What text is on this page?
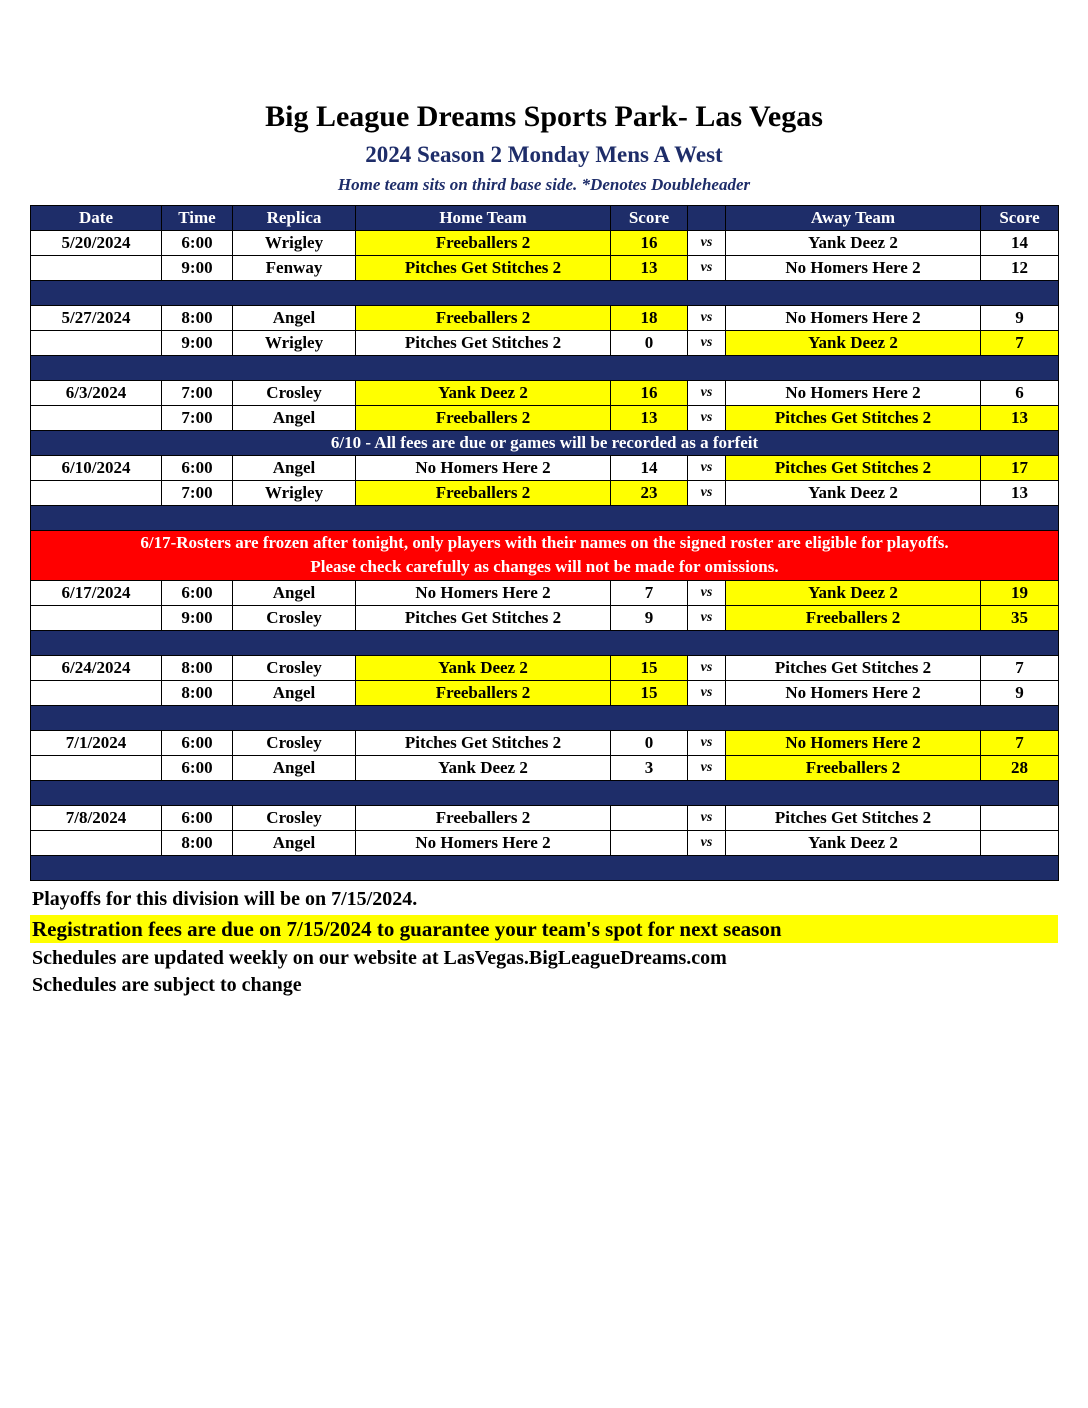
Big League Dreams Sports Park- Las Vegas
2024 Season 2 Monday Mens A West
Home team sits on third base side. *Denotes Doubleheader
Date	Time	Replica	Home Team	Score		Away Team	Score
5/20/2024	6:00	Wrigley	Freeballers 2	16	vs	Yank Deez 2	14
	9:00	Fenway	Pitches Get Stitches 2	13	vs	No Homers Here 2	12

5/27/2024	8:00	Angel	Freeballers 2	18	vs	No Homers Here 2	9
	9:00	Wrigley	Pitches Get Stitches 2	0	vs	Yank Deez 2	7

6/3/2024	7:00	Crosley	Yank Deez 2	16	vs	No Homers Here 2	6
	7:00	Angel	Freeballers 2	13	vs	Pitches Get Stitches 2	13
6/10 - All fees are due or games will be recorded as a forfeit							
6/10/2024	6:00	Angel	No Homers Here 2	14	vs	Pitches Get Stitches 2	17
	7:00	Wrigley	Freeballers 2	23	vs	Yank Deez 2	13

6/17-Rosters are frozen after tonight, only players with their names on the signed roster are eligible for playoffs.
Please check carefully as changes will not be made for omissions.							

6/17/2024	6:00	Angel	No Homers Here 2	7	vs	Yank Deez 2	19
	9:00	Crosley	Pitches Get Stitches 2	9	vs	Freeballers 2	35

6/24/2024	8:00	Crosley	Yank Deez 2	15	vs	Pitches Get Stitches 2	7
	8:00	Angel	Freeballers 2	15	vs	No Homers Here 2	9

7/1/2024	6:00	Crosley	Pitches Get Stitches 2	0	vs	No Homers Here 2	7
	6:00	Angel	Yank Deez 2	3	vs	Freeballers 2	28

7/8/2024	6:00	Crosley	Freeballers 2		vs	Pitches Get Stitches 2	
	8:00	Angel	No Homers Here 2		vs	Yank Deez 2	

Playoffs for this division will be on 7/15/2024.
Registration fees are due on 7/15/2024 to guarantee your team's spot for next season
Schedules are updated weekly on our website at LasVegas.BigLeagueDreams.com
Schedules are subject to change
